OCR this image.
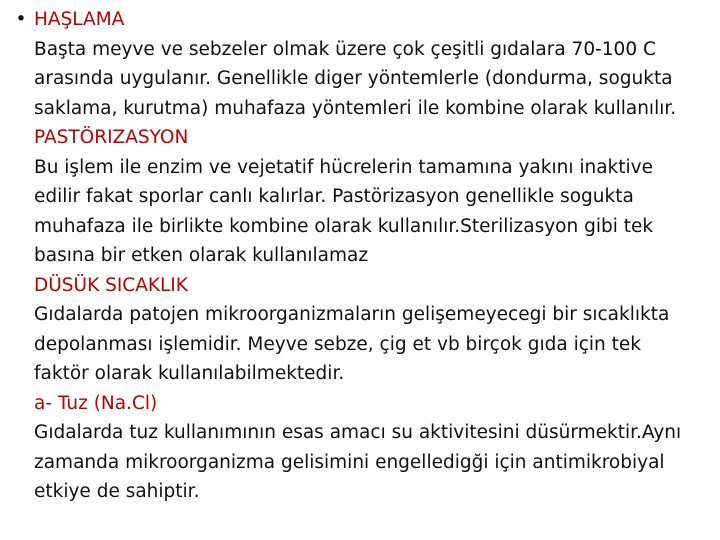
• HAŞLAMA
Başta meyve ve sebzeler olmak üzere çok çeşitli gıdalara 70-100 C
arasında uygulanır. Genellikle diger yöntemlerle (dondurma, sogukta
saklama, kurutma) muhafaza yöntemleri ile kombine olarak kullanılır.
PASTÖRIZASYON
Bu işlem ile enzim ve vejetatif hücrelerin tamamına yakını inaktive
edilir fakat sporlar canlı kalırlar. Pastörizasyon genellikle sogukta
muhafaza ile birlikte kombine olarak kullanılır.Sterilizasyon gibi tek
basına bir etken olarak kullanılamaz
DÜSÜK SICAKLIK
Gıdalarda patojen mikroorganizmaların gelişemeyecegi bir sıcaklıkta
depolanması işlemidir. Meyve sebze, çig et vb birçok gıda için tek
faktör olarak kullanılabilmektedir.
a- Tuz (Na.Cl)
Gıdalarda tuz kullanımının esas amacı su aktivitesini düsürmektir.Aynı
zamanda mikroorganizma gelisimini engelledigği için antimikrobiyal
etkiye de sahiptir.
